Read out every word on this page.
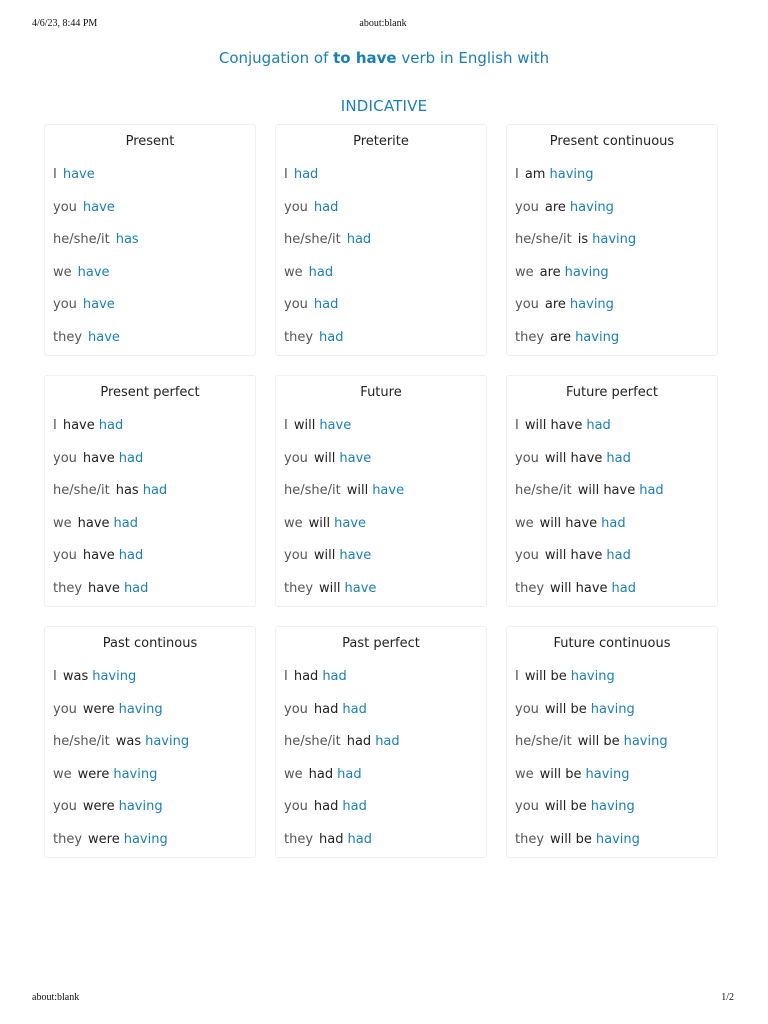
4/6/23, 8:44 PM	about:blank
Conjugation of to have verb in English with
INDICATIVE
Present
I have
you have
he/she/it has
we have
you have
they have
Preterite
I had
you had
he/she/it had
we had
you had
they had
Present continuous
I am having
you are having
he/she/it is having
we are having
you are having
they are having
Present perfect
I have had
you have had
he/she/it has had
we have had
you have had
they have had
Future
I will have
you will have
he/she/it will have
we will have
you will have
they will have
Future perfect
I will have had
you will have had
he/she/it will have had
we will have had
you will have had
they will have had
Past continous
I was having
you were having
he/she/it was having
we were having
you were having
they were having
Past perfect
I had had
you had had
he/she/it had had
we had had
you had had
they had had
Future continuous
I will be having
you will be having
he/she/it will be having
we will be having
you will be having
they will be having
about:blank	1/2
